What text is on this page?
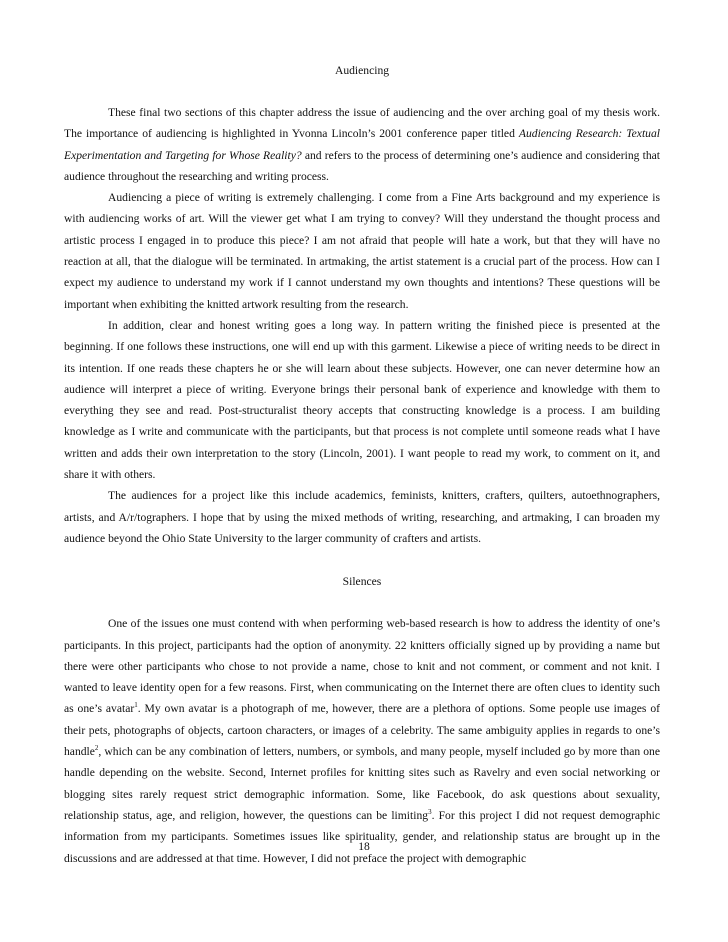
Audiencing

These final two sections of this chapter address the issue of audiencing and the over arching goal of my thesis work. The importance of audiencing is highlighted in Yvonna Lincoln’s 2001 conference paper titled Audiencing Research: Textual Experimentation and Targeting for Whose Reality? and refers to the process of determining one’s audience and considering that audience throughout the researching and writing process.

Audiencing a piece of writing is extremely challenging. I come from a Fine Arts background and my experience is with audiencing works of art. Will the viewer get what I am trying to convey? Will they understand the thought process and artistic process I engaged in to produce this piece? I am not afraid that people will hate a work, but that they will have no reaction at all, that the dialogue will be terminated. In artmaking, the artist statement is a crucial part of the process. How can I expect my audience to understand my work if I cannot understand my own thoughts and intentions? These questions will be important when exhibiting the knitted artwork resulting from the research.

In addition, clear and honest writing goes a long way. In pattern writing the finished piece is presented at the beginning. If one follows these instructions, one will end up with this garment. Likewise a piece of writing needs to be direct in its intention. If one reads these chapters he or she will learn about these subjects. However, one can never determine how an audience will interpret a piece of writing. Everyone brings their personal bank of experience and knowledge with them to everything they see and read. Post-structuralist theory accepts that constructing knowledge is a process. I am building knowledge as I write and communicate with the participants, but that process is not complete until someone reads what I have written and adds their own interpretation to the story (Lincoln, 2001). I want people to read my work, to comment on it, and share it with others.

The audiences for a project like this include academics, feminists, knitters, crafters, quilters, autoethnographers, artists, and A/r/tographers. I hope that by using the mixed methods of writing, researching, and artmaking, I can broaden my audience beyond the Ohio State University to the larger community of crafters and artists.

Silences

One of the issues one must contend with when performing web-based research is how to address the identity of one’s participants. In this project, participants had the option of anonymity. 22 knitters officially signed up by providing a name but there were other participants who chose to not provide a name, chose to knit and not comment, or comment and not knit. I wanted to leave identity open for a few reasons. First, when communicating on the Internet there are often clues to identity such as one’s avatar$^1$. My own avatar is a photograph of me, however, there are a plethora of options. Some people use images of their pets, photographs of objects, cartoon characters, or images of a celebrity. The same ambiguity applies in regards to one’s handle$^2$, which can be any combination of letters, numbers, or symbols, and many people, myself included go by more than one handle depending on the website. Second, Internet profiles for knitting sites such as Ravelry and even social networking or blogging sites rarely request strict demographic information. Some, like Facebook, do ask questions about sexuality, relationship status, age, and religion, however, the questions can be limiting$^3$. For this project I did not request demographic information from my participants. Sometimes issues like spirituality, gender, and relationship status are brought up in the discussions and are addressed at that time. However, I did not preface the project with demographic

18
